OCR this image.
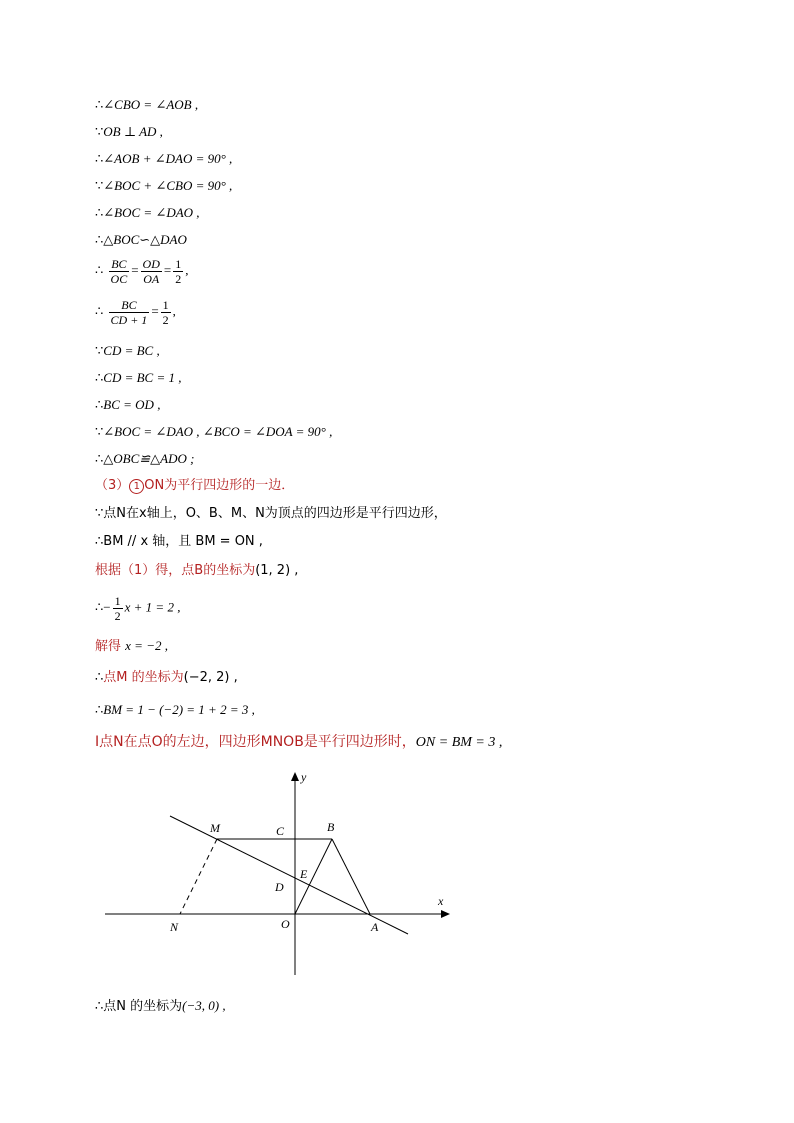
∴∠CBO = ∠AOB ,
∵OB ⊥ AD ,
∴∠AOB + ∠DAO = 90° ,
∵∠BOC + ∠CBO = 90° ,
∴∠BOC = ∠DAO ,
∴△BOC∽△DAO
∴ $\frac{BC}{OC} = \frac{OD}{OA} = \frac{1}{2}$ ,
∴ $\frac{BC}{CD + 1} = \frac{1}{2}$ ,
∵CD = BC ,
∴CD = BC = 1 ,
∴BC = OD ,
∵∠BOC = ∠DAO , ∠BCO = ∠DOA = 90° ,
∴△OBC≌△ADO ;
（3） 1 ON为平行四边形的一边．
∵点N在x轴上，O、B、M、N为顶点的四边形是平行四边形，
∴BM // x 轴，且 BM = ON ,
根据（1）得，点B的坐标为(1, 2) ,
∴− $\frac{1}{2}$ x + 1 = 2 ,
解得 x = −2 ,
∴点M 的坐标为(−2, 2) ,
∴BM = 1 − (−2) = 1 + 2 = 3 ,
Ⅰ点N在点O的左边，四边形MNOB是平行四边形时，ON = BM = 3 ,
y
x
M	C	B
E
D
O
N	A
∴点N 的坐标为(−3, 0) ,
